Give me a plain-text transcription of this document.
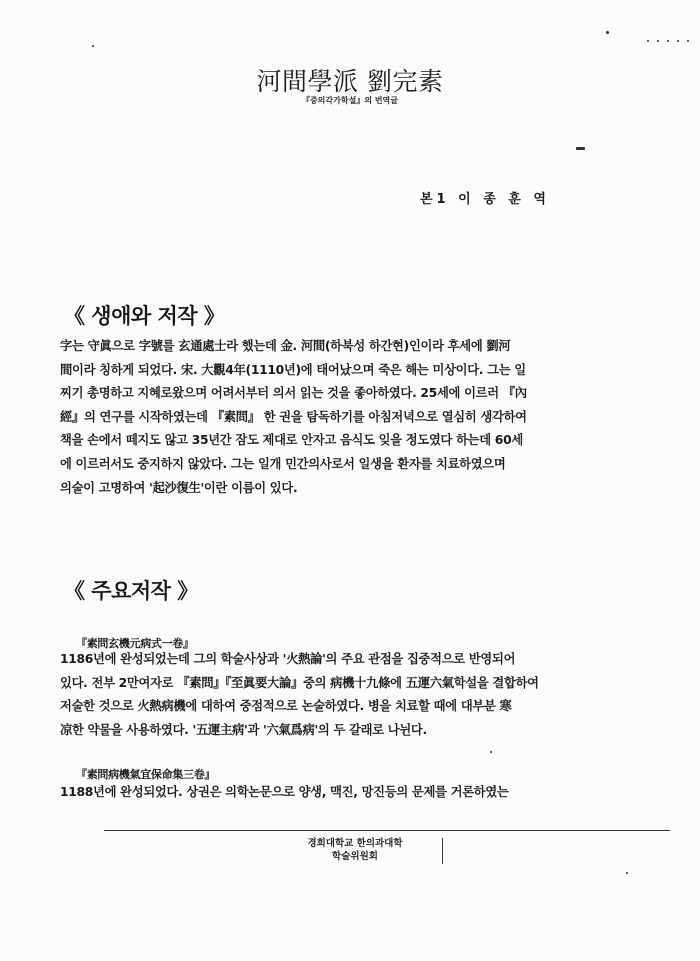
河間學派 劉完素
『중의각가학설』의 번역글
본1 이 종 훈 역
《 생애와 저작 》
字는 守眞으로 字號를 玄通處士라 했는데 金. 河間(하북성 하간현)인이라 후세에 劉河
間이라 칭하게 되었다. 宋. 大觀4年(1110년)에 태어났으며 죽은 해는 미상이다. 그는 일
찌기 총명하고 지혜로왔으며 어려서부터 의서 읽는 것을 좋아하였다. 25세에 이르러 『內
經』의 연구를 시작하였는데 『素問』 한 권을 탐독하기를 아침저녁으로 열심히 생각하여
책을 손에서 떼지도 않고 35년간 잠도 제대로 안자고 음식도 잊을 정도였다 하는데 60세
에 이르러서도 중지하지 않았다. 그는 일개 민간의사로서 일생을 환자를 치료하였으며
의술이 고명하여 '起沙復生'이란 이름이 있다.
《 주요저작 》
『素問玄機元病式一卷』
1186년에 완성되었는데 그의 학술사상과 '火熱論'의 주요 관점을 집중적으로 반영되어
있다. 전부 2만여자로 『素問』『至眞要大論』중의 病機十九條에 五運六氣학설을 결합하여
저술한 것으로 火熱病機에 대하여 중점적으로 논술하였다. 병을 치료할 때에 대부분 寒
凉한 약물을 사용하였다. '五運主病'과 '六氣爲病'의 두 갈래로 나뉜다.
『素問病機氣宜保命集三卷』
1188년에 완성되었다. 상권은 의학논문으로 양생, 맥진, 망진등의 문제를 거론하였는
경희대학교 한의과대학
학술위원회
